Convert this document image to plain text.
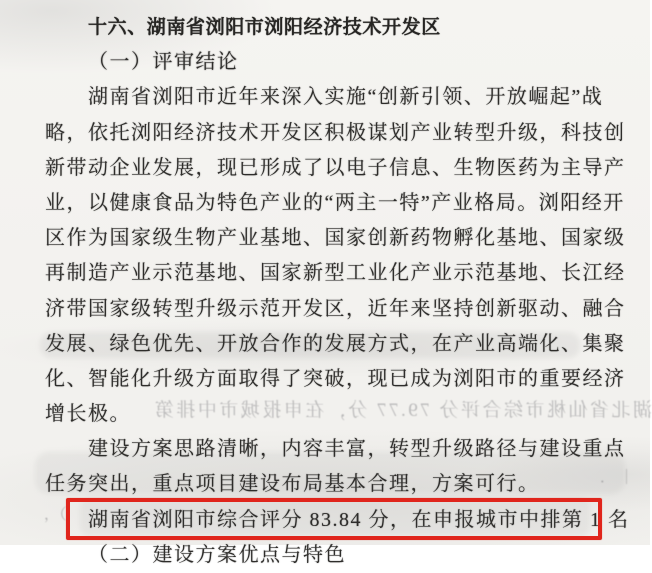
湖北省仙桃市综合评分 79.77 分，在申报城市中排第
，（
．｜
十六、湖南省浏阳市浏阳经济技术开发区
（一）评审结论
湖南省浏阳市近年来深入实施“创新引领、开放崛起”战
略，依托浏阳经济技术开发区积极谋划产业转型升级，科技创
新带动企业发展，现已形成了以电子信息、生物医药为主导产
业，以健康食品为特色产业的“两主一特”产业格局。浏阳经开
区作为国家级生物产业基地、国家创新药物孵化基地、国家级
再制造产业示范基地、国家新型工业化产业示范基地、长江经
济带国家级转型升级示范开发区，近年来坚持创新驱动、融合
发展、绿色优先、开放合作的发展方式，在产业高端化、集聚
化、智能化升级方面取得了突破，现已成为浏阳市的重要经济
增长极。
建设方案思路清晰，内容丰富，转型升级路径与建设重点
任务突出，重点项目建设布局基本合理，方案可行。
湖南省浏阳市综合评分 83.84 分，在申报城市中排第 1 名
（二）建设方案优点与特色
